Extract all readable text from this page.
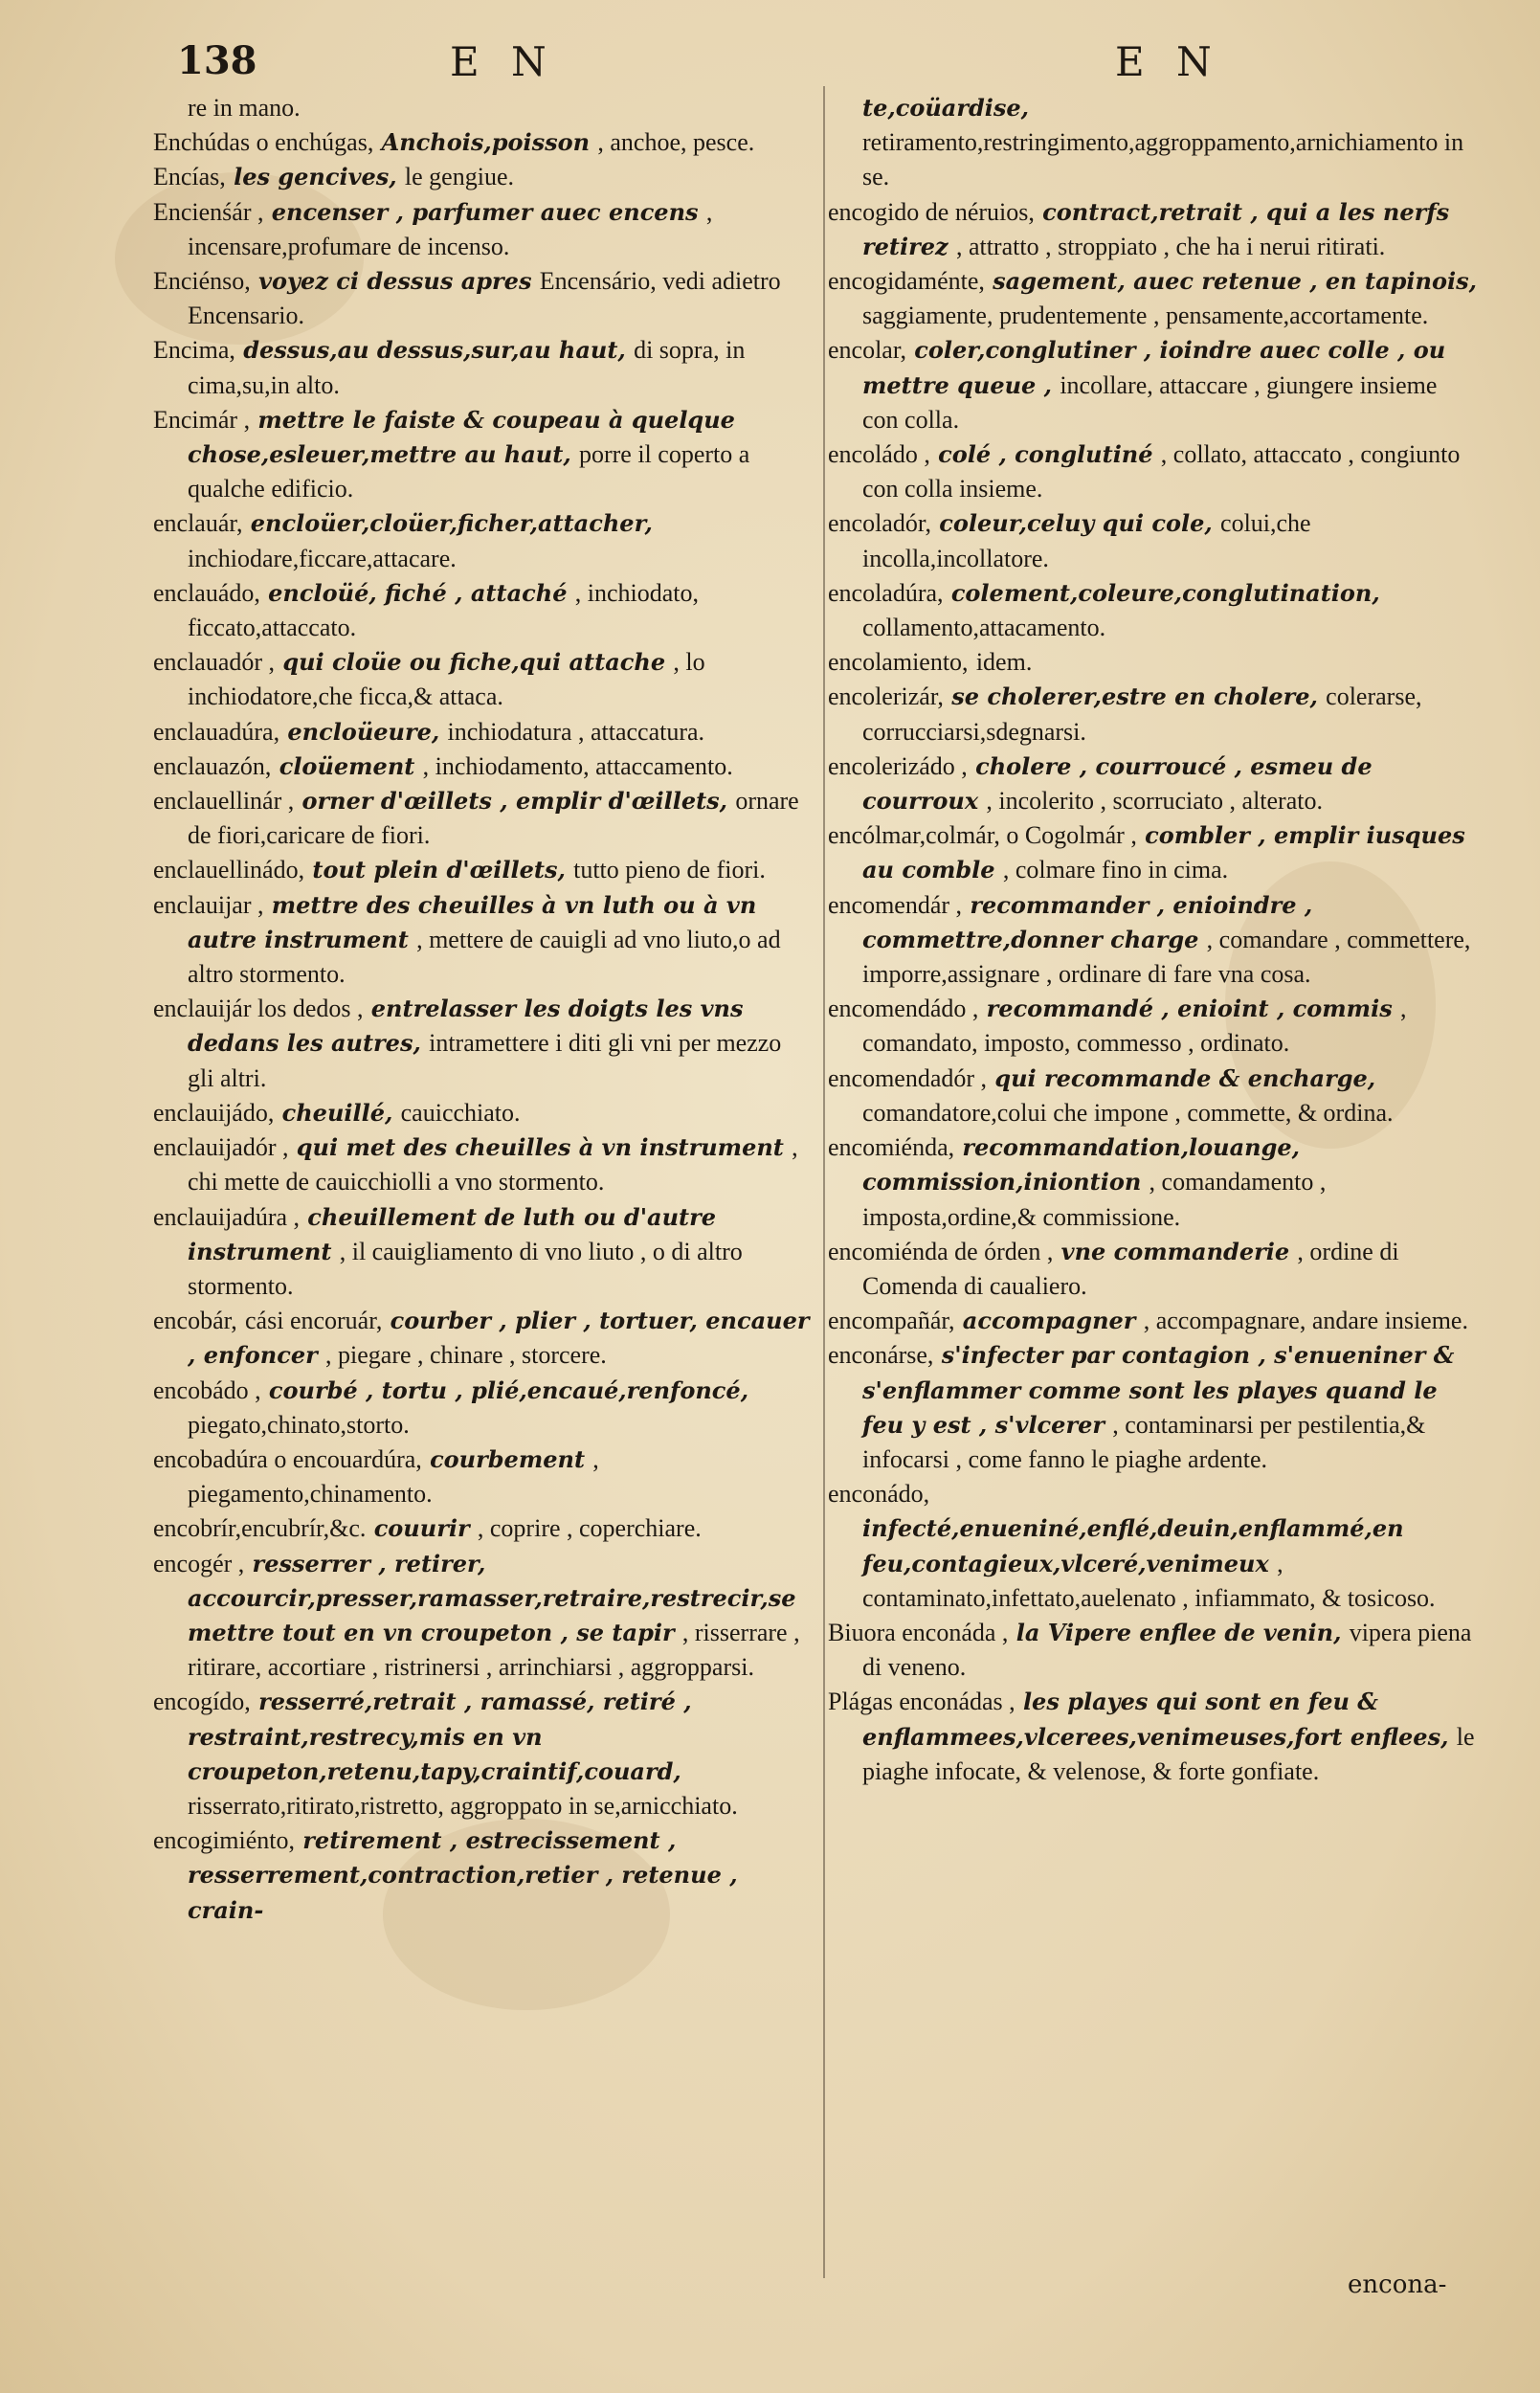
138	E N	E N

re in mano.

Enchúdas o enchúgas, Anchois,poisson , anchoe, pesce.

Encías, les gencives, le gengiue.

Encienśár , encenser , parfumer auec encens , incensare,profumare de incenso.

Enciénso, voyez ci dessus apres Encensário, vedi adietro Encensario.

Encima, dessus,au dessus,sur,au haut, di sopra, in cima,su,in alto.

Encimár , mettre le faiste & coupeau à quelque chose,esleuer,mettre au haut, porre il coperto a qualche edificio.

enclauár, encloüer,cloüer,ficher,attacher, inchiodare,ficcare,attacare.

enclauádo, encloüé, fiché , attaché , inchiodato, ficcato,attaccato.

enclauadór , qui cloüe ou fiche,qui attache , lo inchiodatore,che ficca,& attaca.

enclauadúra, encloüeure, inchiodatura , attaccatura.

enclauazón, cloüement , inchiodamento, attaccamento.

enclauellinár , orner d'œillets , emplir d'œillets, ornare de fiori,caricare de fiori.

enclauellinádo, tout plein d'œillets, tutto pieno de fiori.

enclauijar , mettre des cheuilles à vn luth ou à vn autre instrument , mettere de cauigli ad vno liuto,o ad altro stormento.

enclauijár los dedos , entrelasser les doigts les vns dedans les autres, intramettere i diti gli vni per mezzo gli altri.

enclauijádo, cheuillé, cauicchiato.

enclauijadór , qui met des cheuilles à vn instrument , chi mette de cauicchiolli a vno stormento.

enclauijadúra , cheuillement de luth ou d'autre instrument , il cauigliamento di vno liuto , o di altro stormento.

encobár, cási encoruár, courber , plier , tortuer, encauer , enfoncer , piegare , chinare , storcere.

encobádo , courbé , tortu , plié,encaué,renfoncé, piegato,chinato,storto.

encobadúra o encouardúra, courbement , piegamento,chinamento.

encobrír,encubrír,&c. couurir , coprire , coperchiare.

encogér , resserrer , retirer, accourcir,presser,ramasser,retraire,restrecir,se mettre tout en vn croupeton , se tapir , risserrare , ritirare, accortiare , ristrinersi , arrinchiarsi , aggropparsi.

encogído, resserré,retrait , ramassé, retiré , restraint,restrecy,mis en vn croupeton,retenu,tapy,craintif,couard, risserrato,ritirato,ristretto, aggroppato in se,arnicchiato.

encogimiénto, retirement , estrecissement , resserrement,contraction,retier , retenue , crain-

te,coüardise, retiramento,restringimento,aggroppamento,arnichiamento in se.

encogido de néruios, contract,retrait , qui a les nerfs retirez , attratto , stroppiato , che ha i nerui ritirati.

encogidaménte, sagement, auec retenue , en tapinois, saggiamente, prudentemente , pensamente,accortamente.

encolar, coler,conglutiner , ioindre auec colle , ou mettre queue , incollare, attaccare , giungere insieme con colla.

encoládo , colé , conglutiné , collato, attaccato , congiunto con colla insieme.

encoladór, coleur,celuy qui cole, colui,che incolla,incollatore.

encoladúra, colement,coleure,conglutination, collamento,attacamento.

encolamiento, idem.

encolerizár, se cholerer,estre en cholere, colerarse, corrucciarsi,sdegnarsi.

encolerizádo , cholere , courroucé , esmeu de courroux , incolerito , scorruciato , alterato.

encólmar,colmár, o Cogolmár , combler , emplir iusques au comble , colmare fino in cima.

encomendár , recommander , enioindre , commettre,donner charge , comandare , commettere, imporre,assignare , ordinare di fare vna cosa.

encomendádo , recommandé , enioint , commis , comandato, imposto, commesso , ordinato.

encomendadór , qui recommande & encharge, comandatore,colui che impone , commette, & ordina.

encomiénda, recommandation,louange, commission,iniontion , comandamento , imposta,ordine,& commissione.

encomiénda de órden , vne commanderie , ordine di Comenda di caualiero.

encompañár, accompagner , accompagnare, andare insieme.

enconárse, s'infecter par contagion , s'enueniner & s'enflammer comme sont les playes quand le feu y est , s'vlcerer , contaminarsi per pestilentia,& infocarsi , come fanno le piaghe ardente.

enconádo, infecté,enueniné,enflé,deuin,enflammé,en feu,contagieux,vlceré,venimeux , contaminato,infettato,auelenato , infiammato, & tosicoso.

Biuora enconáda , la Vipere enflee de venin, vipera piena di veneno.

Plágas enconádas , les playes qui sont en feu & enflammees,vlcerees,venimeuses,fort enflees, le piaghe infocate, & velenose, & forte gonfiate.

encona-
